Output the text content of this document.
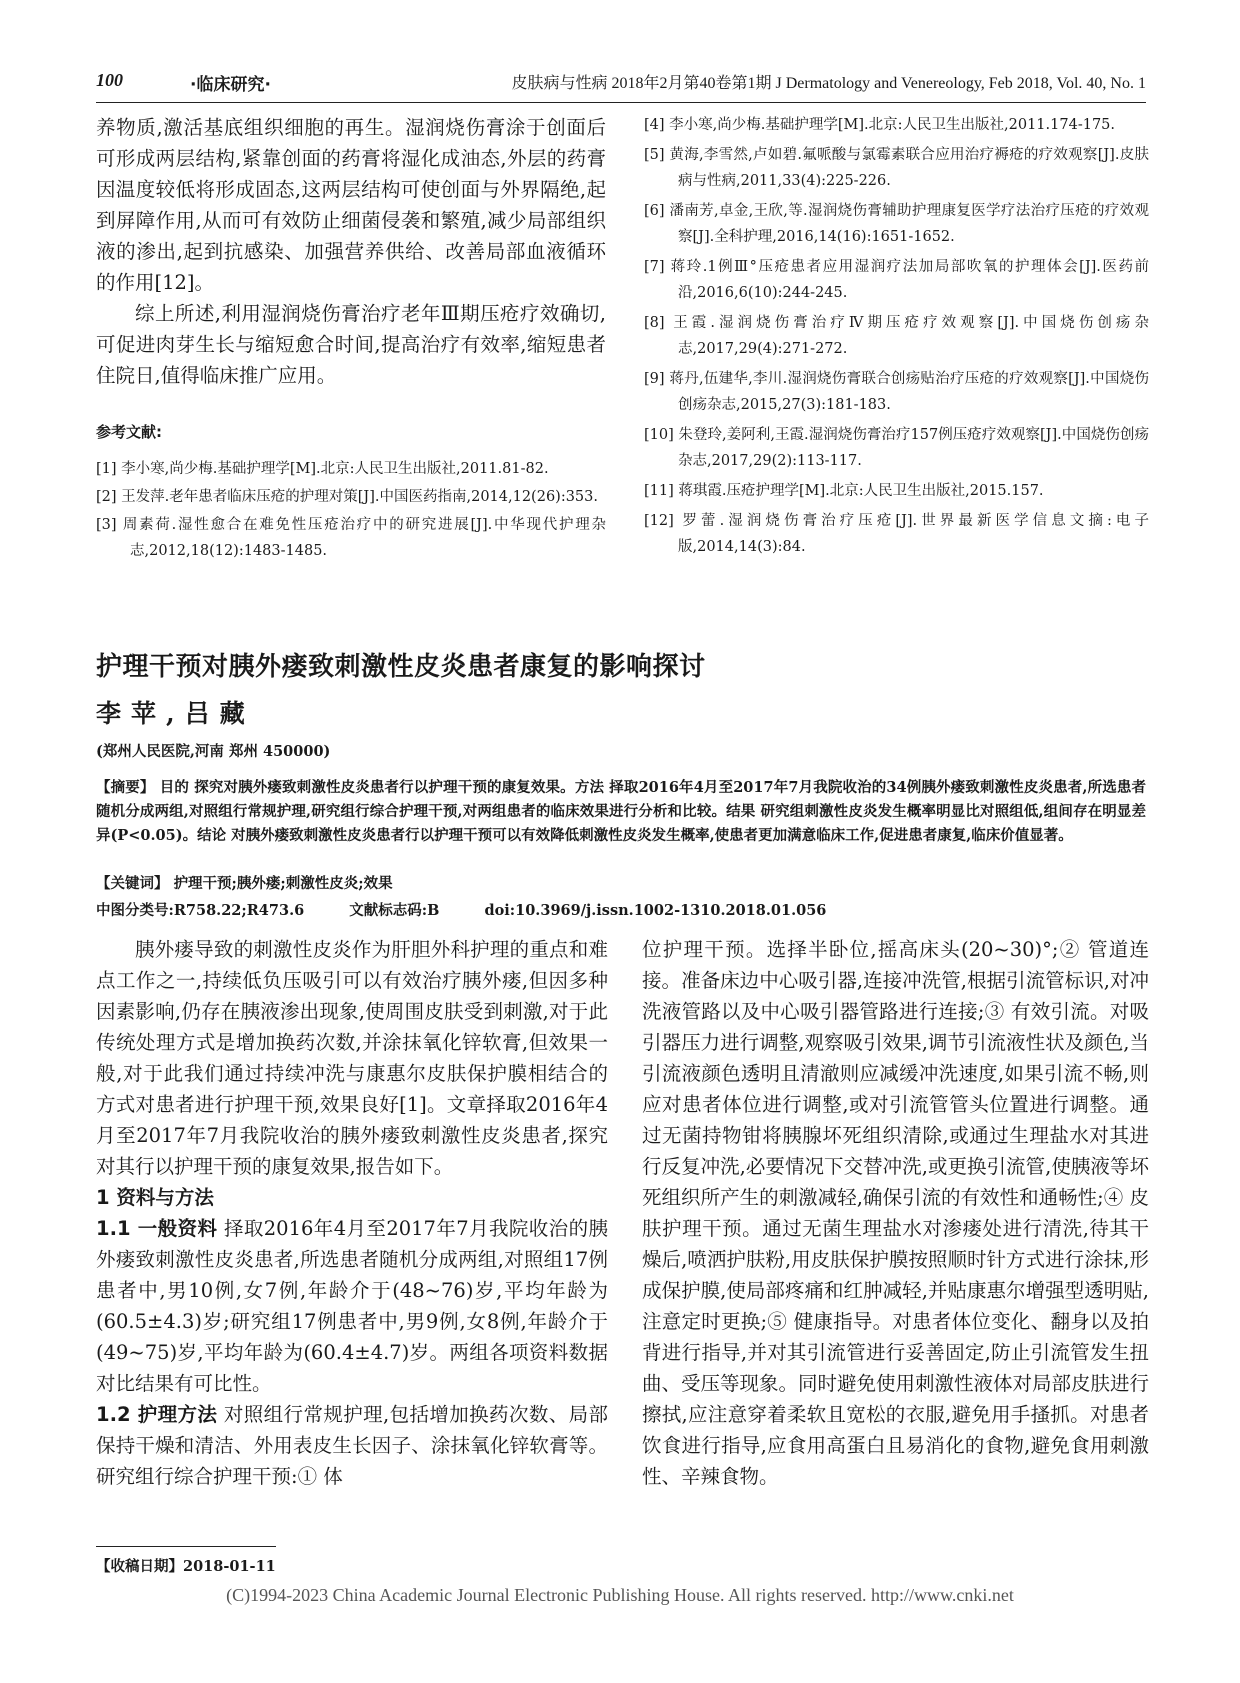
100	·临床研究·	皮肤病与性病 2018年2月第40卷第1期 J Dermatology and Venereology, Feb 2018, Vol. 40, No. 1

养物质,激活基底组织细胞的再生。湿润烧伤膏涂于创面后可形成两层结构,紧靠创面的药膏将湿化成油态,外层的药膏因温度较低将形成固态,这两层结构可使创面与外界隔绝,起到屏障作用,从而可有效防止细菌侵袭和繁殖,减少局部组织液的渗出,起到抗感染、加强营养供给、改善局部血液循环的作用[12]。

综上所述,利用湿润烧伤膏治疗老年Ⅲ期压疮疗效确切,可促进肉芽生长与缩短愈合时间,提高治疗有效率,缩短患者住院日,值得临床推广应用。

参考文献:

[1] 李小寒,尚少梅.基础护理学[M].北京:人民卫生出版社,2011.81-82.

[2] 王发萍.老年患者临床压疮的护理对策[J].中国医药指南,2014,12(26):353.

[3] 周素荷.湿性愈合在难免性压疮治疗中的研究进展[J].中华现代护理杂志,2012,18(12):1483-1485.

[4] 李小寒,尚少梅.基础护理学[M].北京:人民卫生出版社,2011.174-175.

[5] 黄海,李雪然,卢如碧.氟哌酸与氯霉素联合应用治疗褥疮的疗效观察[J].皮肤病与性病,2011,33(4):225-226.

[6] 潘南芳,卓金,王欣,等.湿润烧伤膏辅助护理康复医学疗法治疗压疮的疗效观察[J].全科护理,2016,14(16):1651-1652.

[7] 蒋玲.1例Ⅲ°压疮患者应用湿润疗法加局部吹氧的护理体会[J].医药前沿,2016,6(10):244-245.

[8] 王霞.湿润烧伤膏治疗Ⅳ期压疮疗效观察[J].中国烧伤创疡杂志,2017,29(4):271-272.

[9] 蒋丹,伍建华,李川.湿润烧伤膏联合创疡贴治疗压疮的疗效观察[J].中国烧伤创疡杂志,2015,27(3):181-183.

[10] 朱登玲,姜阿利,王霞.湿润烧伤膏治疗157例压疮疗效观察[J].中国烧伤创疡杂志,2017,29(2):113-117.

[11] 蒋琪霞.压疮护理学[M].北京:人民卫生出版社,2015.157.

[12] 罗蕾.湿润烧伤膏治疗压疮[J].世界最新医学信息文摘:电子版,2014,14(3):84.

护理干预对胰外瘘致刺激性皮炎患者康复的影响探讨
李苹,吕藏
(郑州人民医院,河南 郑州 450000)
【摘要】 目的 探究对胰外瘘致刺激性皮炎患者行以护理干预的康复效果。方法 择取2016年4月至2017年7月我院收治的34例胰外瘘致刺激性皮炎患者,所选患者随机分成两组,对照组行常规护理,研究组行综合护理干预,对两组患者的临床效果进行分析和比较。结果 研究组刺激性皮炎发生概率明显比对照组低,组间存在明显差异(P<0.05)。结论 对胰外瘘致刺激性皮炎患者行以护理干预可以有效降低刺激性皮炎发生概率,使患者更加满意临床工作,促进患者康复,临床价值显著。
【关键词】 护理干预;胰外瘘;刺激性皮炎;效果
中图分类号:R758.22;R473.6	文献标志码:B	doi:10.3969/j.issn.1002-1310.2018.01.056

胰外瘘导致的刺激性皮炎作为肝胆外科护理的重点和难点工作之一,持续低负压吸引可以有效治疗胰外瘘,但因多种因素影响,仍存在胰液渗出现象,使周围皮肤受到刺激,对于此传统处理方式是增加换药次数,并涂抹氧化锌软膏,但效果一般,对于此我们通过持续冲洗与康惠尔皮肤保护膜相结合的方式对患者进行护理干预,效果良好[1]。文章择取2016年4月至2017年7月我院收治的胰外瘘致刺激性皮炎患者,探究对其行以护理干预的康复效果,报告如下。

1 资料与方法

1.1 一般资料 择取2016年4月至2017年7月我院收治的胰外瘘致刺激性皮炎患者,所选患者随机分成两组,对照组17例患者中,男10例,女7例,年龄介于(48~76)岁,平均年龄为(60.5±4.3)岁;研究组17例患者中,男9例,女8例,年龄介于(49~75)岁,平均年龄为(60.4±4.7)岁。两组各项资料数据对比结果有可比性。

1.2 护理方法 对照组行常规护理,包括增加换药次数、局部保持干燥和清洁、外用表皮生长因子、涂抹氧化锌软膏等。研究组行综合护理干预:① 体

位护理干预。选择半卧位,摇高床头(20~30)°;② 管道连接。准备床边中心吸引器,连接冲洗管,根据引流管标识,对冲洗液管路以及中心吸引器管路进行连接;③ 有效引流。对吸引器压力进行调整,观察吸引效果,调节引流液性状及颜色,当引流液颜色透明且清澈则应减缓冲洗速度,如果引流不畅,则应对患者体位进行调整,或对引流管管头位置进行调整。通过无菌持物钳将胰腺坏死组织清除,或通过生理盐水对其进行反复冲洗,必要情况下交替冲洗,或更换引流管,使胰液等坏死组织所产生的刺激减轻,确保引流的有效性和通畅性;④ 皮肤护理干预。通过无菌生理盐水对渗瘘处进行清洗,待其干燥后,喷洒护肤粉,用皮肤保护膜按照顺时针方式进行涂抹,形成保护膜,使局部疼痛和红肿减轻,并贴康惠尔增强型透明贴,注意定时更换;⑤ 健康指导。对患者体位变化、翻身以及拍背进行指导,并对其引流管进行妥善固定,防止引流管发生扭曲、受压等现象。同时避免使用刺激性液体对局部皮肤进行擦拭,应注意穿着柔软且宽松的衣服,避免用手搔抓。对患者饮食进行指导,应食用高蛋白且易消化的食物,避免食用刺激性、辛辣食物。

【收稿日期】2018-01-11
(C)1994-2023 China Academic Journal Electronic Publishing House. All rights reserved. http://www.cnki.net
